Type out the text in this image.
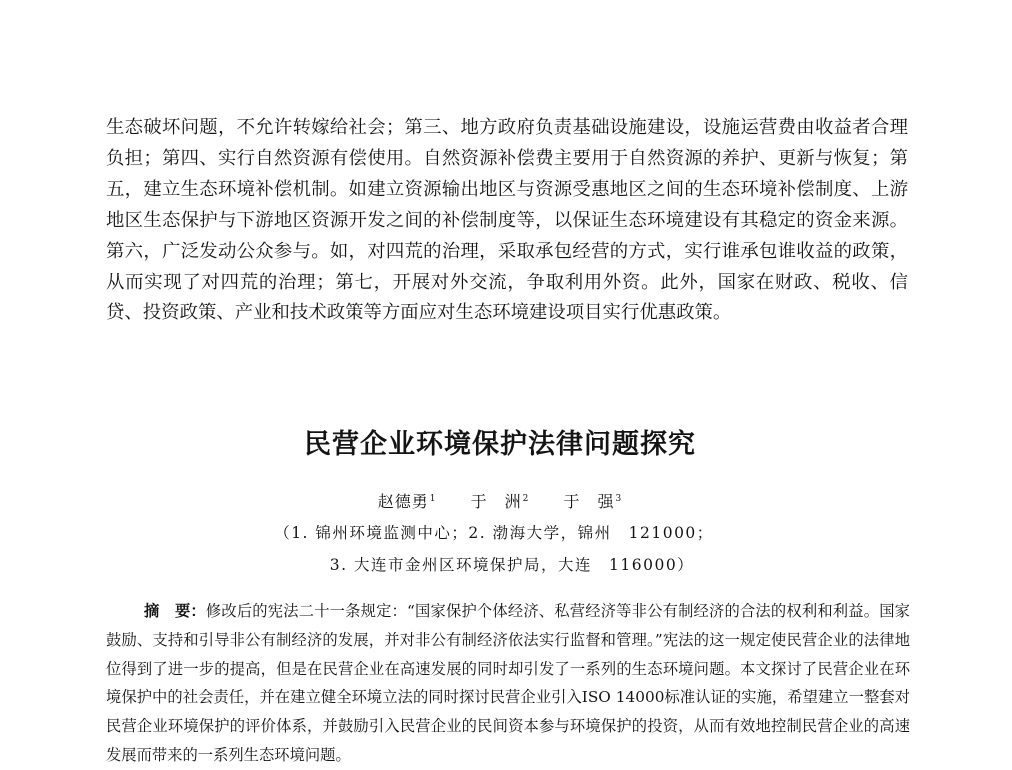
生态破坏问题，不允许转嫁给社会；第三、地方政府负责基础设施建设，设施运营费由收益者合理负担；第四、实行自然资源有偿使用。自然资源补偿费主要用于自然资源的养护、更新与恢复；第五，建立生态环境补偿机制。如建立资源输出地区与资源受惠地区之间的生态环境补偿制度、上游地区生态保护与下游地区资源开发之间的补偿制度等，以保证生态环境建设有其稳定的资金来源。第六，广泛发动公众参与。如，对四荒的治理，采取承包经营的方式，实行谁承包谁收益的政策，从而实现了对四荒的治理；第七，开展对外交流，争取利用外资。此外，国家在财政、税收、信贷、投资政策、产业和技术政策等方面应对生态环境建设项目实行优惠政策。
民营企业环境保护法律问题探究
赵德勇$^1$ 于　洲$^2$ 于　强$^3$
（1. 锦州环境监测中心；2. 渤海大学，锦州　121000；
3. 大连市金州区环境保护局，大连　116000）
摘　要：修改后的宪法二十一条规定：“国家保护个体经济、私营经济等非公有制经济的合法的权利和利益。国家鼓励、支持和引导非公有制经济的发展，并对非公有制经济依法实行监督和管理。”宪法的这一规定使民营企业的法律地位得到了进一步的提高，但是在民营企业在高速发展的同时却引发了一系列的生态环境问题。本文探讨了民营企业在环境保护中的社会责任，并在建立健全环境立法的同时探讨民营企业引入ISO 14000标准认证的实施，希望建立一整套对民营企业环境保护的评价体系，并鼓励引入民营企业的民间资本参与环境保护的投资，从而有效地控制民营企业的高速发展而带来的一系列生态环境问题。
